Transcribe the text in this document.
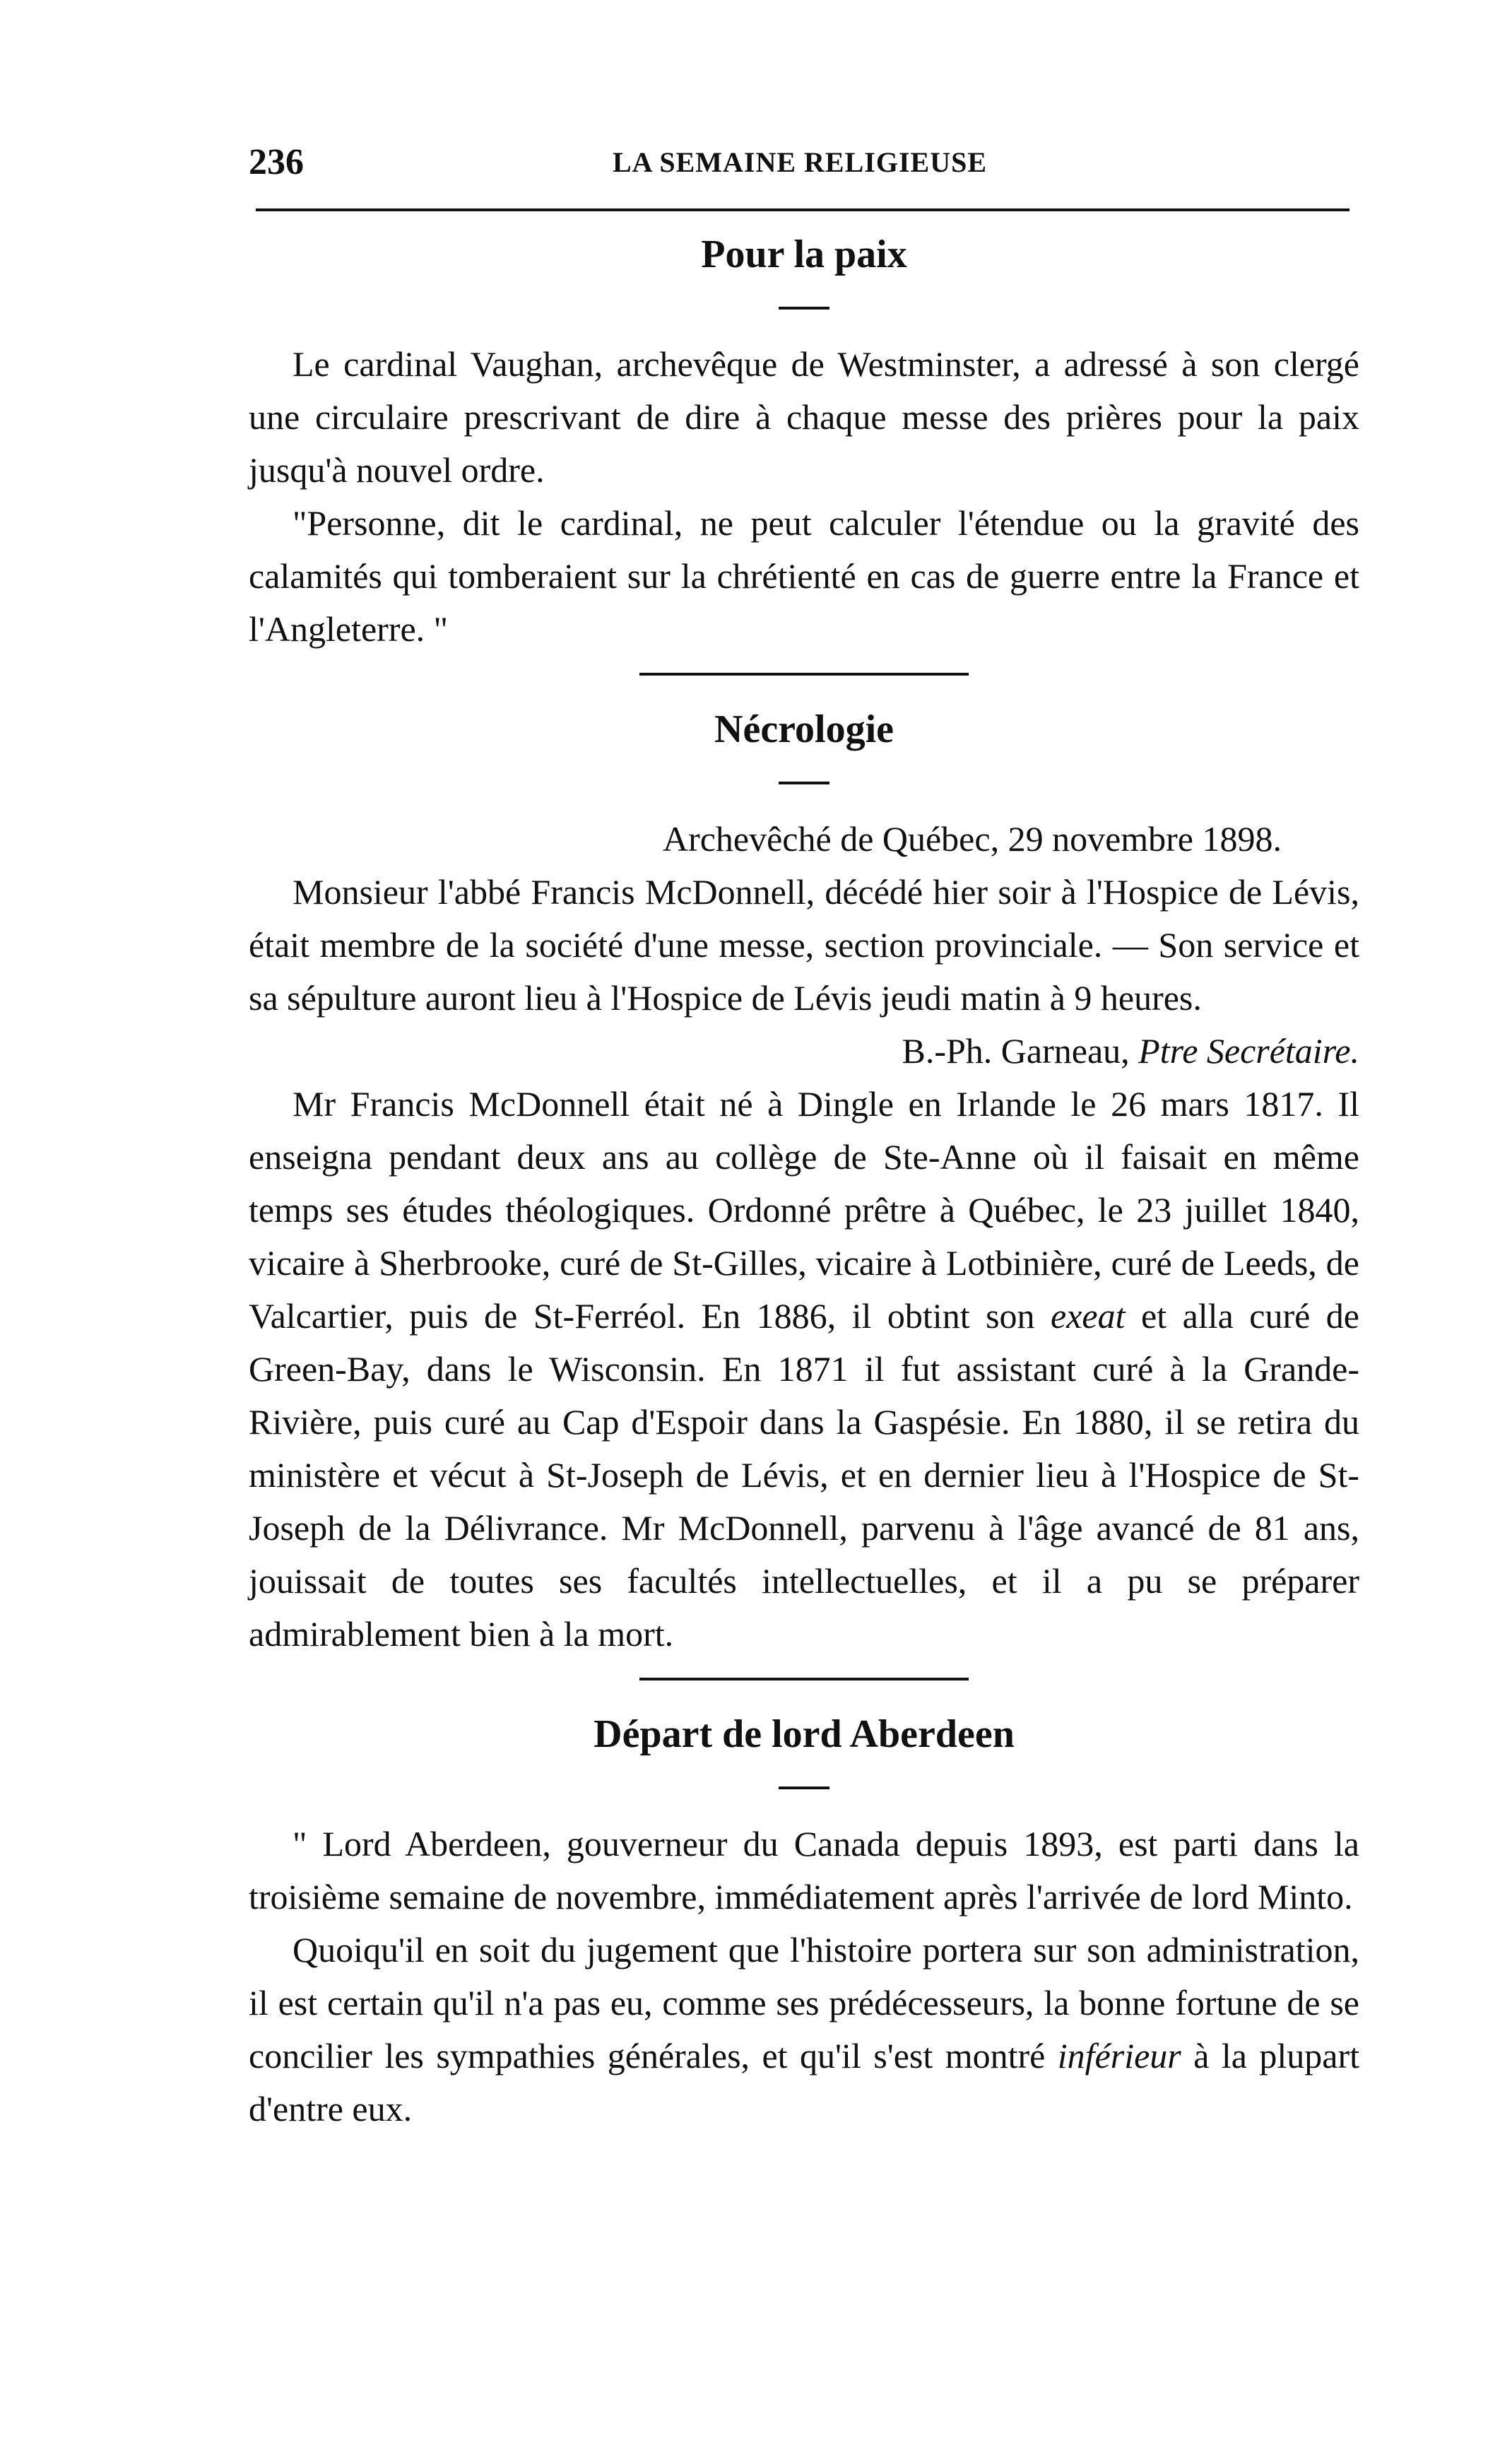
236	LA SEMAINE RELIGIEUSE
Pour la paix

Le cardinal Vaughan, archevêque de Westminster, a adressé à son clergé une circulaire prescrivant de dire à chaque messe des prières pour la paix jusqu'à nouvel ordre.

"Personne, dit le cardinal, ne peut calculer l'étendue ou la gravité des calamités qui tomberaient sur la chrétienté en cas de guerre entre la France et l'Angleterre. "

Nécrologie

Archevêché de Québec, 29 novembre 1898.

Monsieur l'abbé Francis McDonnell, décédé hier soir à l'Hospice de Lévis, était membre de la société d'une messe, section provinciale. — Son service et sa sépulture auront lieu à l'Hospice de Lévis jeudi matin à 9 heures.

B.-Ph. Garneau, Ptre Secrétaire.

Mr Francis McDonnell était né à Dingle en Irlande le 26 mars 1817. Il enseigna pendant deux ans au collège de Ste-Anne où il faisait en même temps ses études théologiques. Ordonné prêtre à Québec, le 23 juillet 1840, vicaire à Sherbrooke, curé de St-Gilles, vicaire à Lotbinière, curé de Leeds, de Valcartier, puis de St-Ferréol. En 1886, il obtint son exeat et alla curé de Green-Bay, dans le Wisconsin. En 1871 il fut assistant curé à la Grande-Rivière, puis curé au Cap d'Espoir dans la Gaspésie. En 1880, il se retira du ministère et vécut à St-Joseph de Lévis, et en dernier lieu à l'Hospice de St-Joseph de la Délivrance. Mr McDonnell, parvenu à l'âge avancé de 81 ans, jouissait de toutes ses facultés intellectuelles, et il a pu se préparer admirablement bien à la mort.

Départ de lord Aberdeen

" Lord Aberdeen, gouverneur du Canada depuis 1893, est parti dans la troisième semaine de novembre, immédiatement après l'arrivée de lord Minto.

Quoiqu'il en soit du jugement que l'histoire portera sur son administration, il est certain qu'il n'a pas eu, comme ses prédécesseurs, la bonne fortune de se concilier les sympathies générales, et qu'il s'est montré inférieur à la plupart d'entre eux.
